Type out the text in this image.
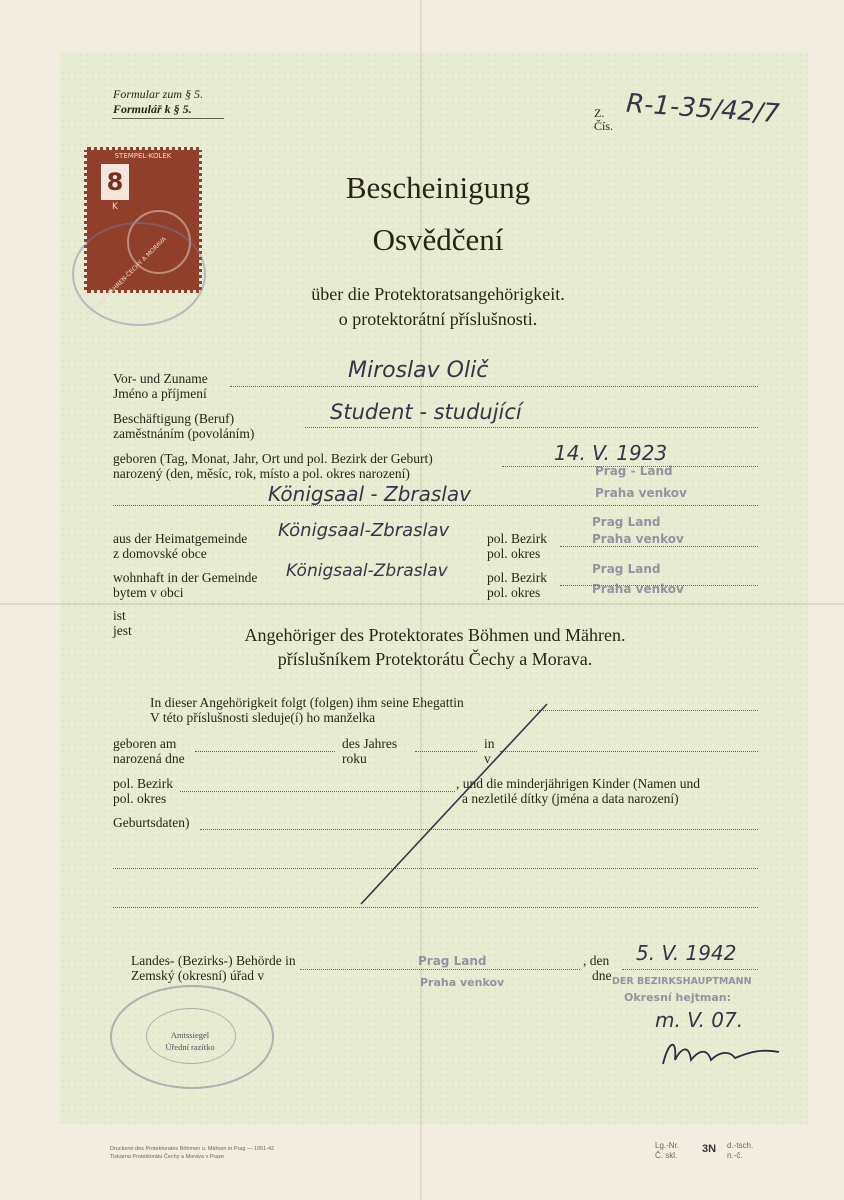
Formular zum § 5.
Formulář k § 5.	Z.
Čís. R-1-35/42/7
STEMPEL-KOLEK
8
K
BÖHMEN-MÄHREN-ČECHY A MORAVA
Bescheinigung
Osvědčení
über die Protektoratsangehörigkeit.
o protektorátní příslušnosti.
Vor- und Zuname
Jméno a příjmení
Miroslav Olič
Beschäftigung (Beruf)
zaměstnáním (povoláním)
Student - studující
geboren (Tag, Monat, Jahr, Ort und pol. Bezirk der Geburt)
narozený (den, měsíc, rok, místo a pol. okres narození)
14. V. 1923
Prag - Land
Praha venkov
Königsaal - Zbraslav
aus der Heimatgemeinde
z domovské obce
Königsaal-Zbraslav	pol. Bezirk
pol. okres
Prag Land
Praha venkov
wohnhaft in der Gemeinde
bytem v obci
Königsaal-Zbraslav	pol. Bezirk
pol. okres
Prag Land
Praha venkov
ist
jest	Angehöriger des Protektorates Böhmen und Mähren.
příslušníkem Protektorátu Čechy a Morava.
In dieser Angehörigkeit folgt (folgen) ihm seine Ehegattin
V této příslušnosti sleduje(í) ho manželka
geboren am
narozená dne
des Jahres
roku
in
v
pol. Bezirk
pol. okres
, und die minderjährigen Kinder (Namen und
a nezletilé dítky (jména a data narození)
Geburtsdaten)
Landes- (Bezirks-) Behörde in
Zemský (okresní) úřad v
Prag Land
Praha venkov
, den
dne
5. V. 1942
DER BEZIRKSHAUPTMANN
Okresní hejtman:
m. V. 07.
Amtssiegel
Úřední razítko
Druckerei des Protektorates Böhmen u. Mähren in Prag — 1951-42
Tiskárna Protektorátu Čechy a Morava v Praze
Lg.-Nr.
Č. skl.
3N d.-tsch.
n.-č.
